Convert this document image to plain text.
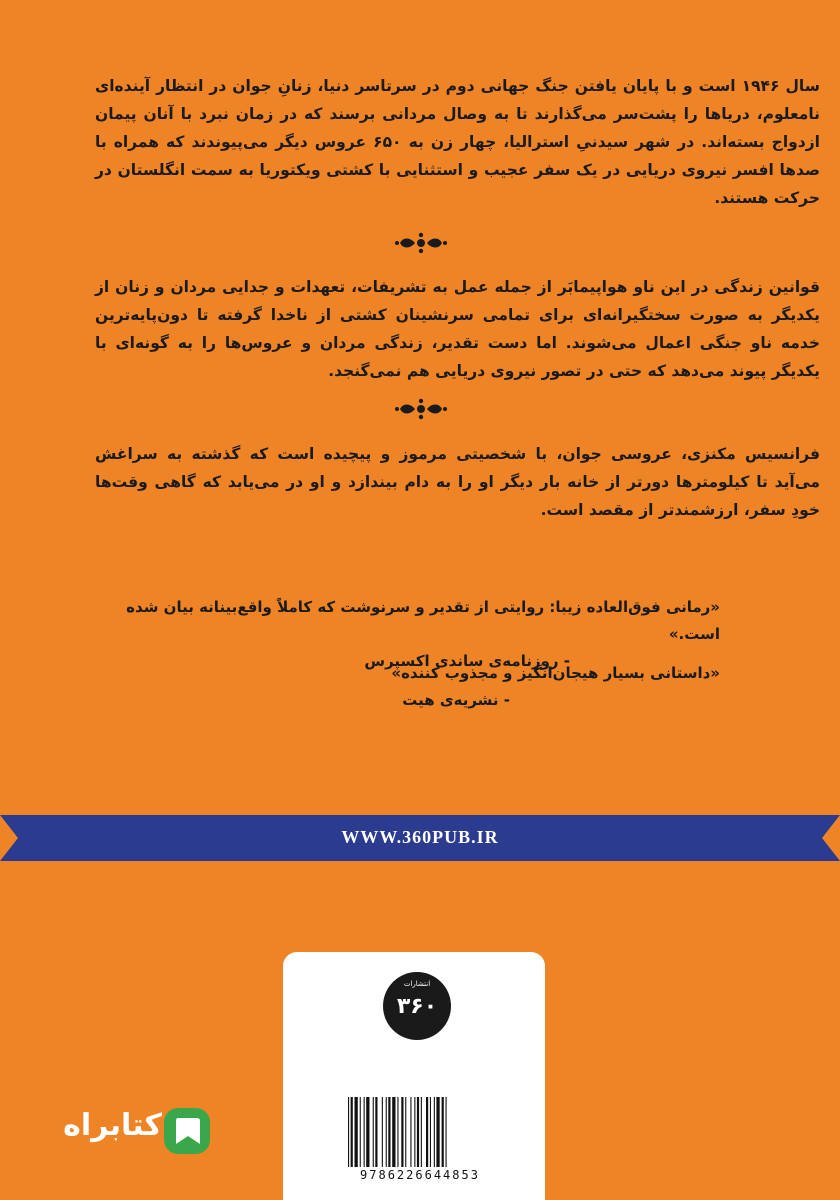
سال ۱۹۴۶ است و با پایان یافتن جنگ جهانی دوم در سرتاسر دنیا، زنانِ جوان در انتظار آینده‌ای نامعلوم، دریاها را پشت‌سر می‌گذارند تا به وصال مردانی برسند که در زمان نبرد با آنان پیمان ازدواج بسته‌اند. در شهر سیدنیِ استرالیا، چهار زن به ۶۵۰ عروس دیگر می‌پیوندند که همراه با صدها افسر نیروی دریایی در یک سفر عجیب و استثنایی با کشتی ویکتوریا به سمت انگلستان در حرکت هستند.
قوانین زندگی در این ناو هواپیمابَر از جمله عمل به تشریفات، تعهدات و جدایی مردان و زنان از یکدیگر به صورت سختگیرانه‌ای برای تمامی سرنشینان کشتی از ناخدا گرفته تا دون‌پایه‌ترین خدمه ناو جنگی اعمال می‌شوند. اما دست تقدیر، زندگی مردان و عروس‌ها را به گونه‌ای با یکدیگر پیوند می‌دهد که حتی در تصور نیروی دریایی هم نمی‌گنجد.
فرانسیس مکنزی، عروسی جوان، با شخصیتی مرموز و پیچیده است که گذشته به سراغش می‌آید تا کیلومترها دورتر از خانه بار دیگر او را به دام بیندازد و او در می‌یابد که گاهی وقت‌ها خودِ سفر، ارزشمندتر از مقصد است.
«رمانی فوق‌العاده زیبا: روایتی از تقدیر و سرنوشت که کاملاً واقع‌بینانه بیان شده است.»
- روزنامه‌ی ساندی اکسپرس
«داستانی بسیار هیجان‌انگیز و مجذوب کننده»
- نشریه‌ی هیت
WWW.360PUB.IR
انتشارات
۳۶۰
9786226644853
کتابراه
